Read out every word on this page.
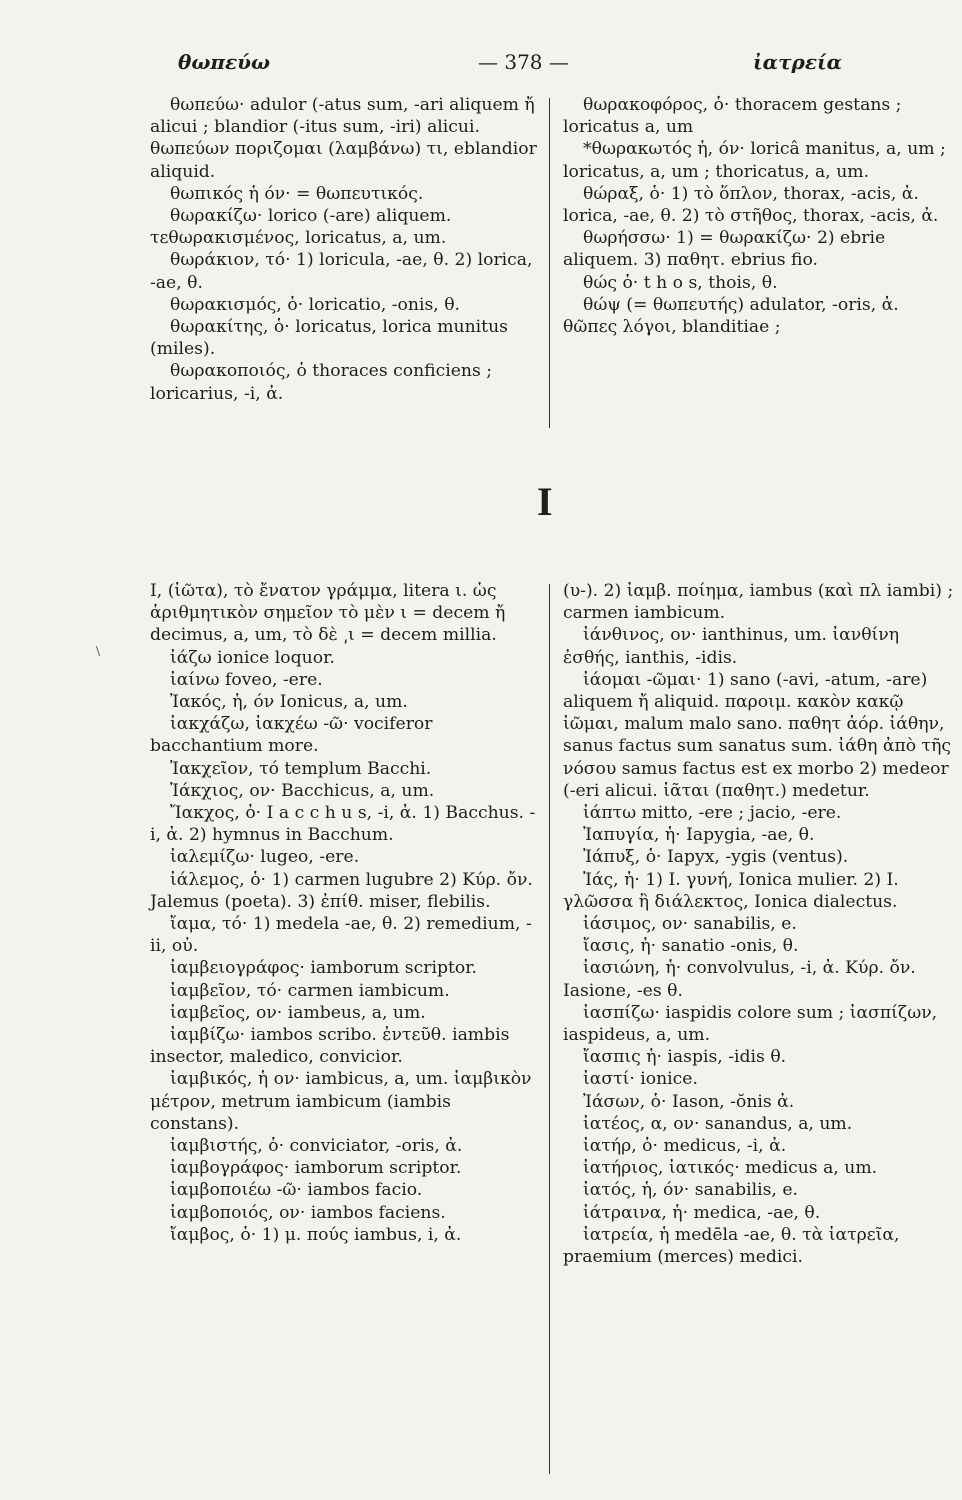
θωπεύω	— 378 —	ἰατρεία

θωπεύω· adulor (-atus sum, -ari aliquem ἤ alicui ; blandior (-itus sum, -iri) alicui. θωπεύων ποριζομαι (λαμβάνω) τι, eblandior aliquid.

θωπικός ἡ όν· = θωπευτικός.

θωρακίζω· lorico (-are) aliquem. τεθωρακισμένος, loricatus, a, um.

θωράκιον, τό· 1) loricula, -ae, θ. 2) lorica, -ae, θ.

θωρακισμός, ὁ· loricatio, -onis, θ.

θωρακίτης, ὁ· loricatus, lorica munitus (miles).

θωρακοποιός, ὁ thoraces conficiens ; loricarius, -i, ἀ.

θωρακοφόρος, ὁ· thoracem gestans ; loricatus a, um

*θωρακωτός ἡ, όν· loricâ manitus, a, um ; loricatus, a, um ; thoricatus, a, um.

θώραξ, ὁ· 1) τὸ ὅπλον, thorax, -acis, ἀ. lorica, -ae, θ. 2) τὸ στῆθος, thorax, -acis, ἀ.

θωρήσσω· 1) = θωρακίζω· 2) ebrie aliquem. 3) παθητ. ebrius fio.

θώς ὁ· t h o s, thois, θ.

θώψ (= θωπευτής) adulator, -oris, ἀ. θῶπες λόγοι, blanditiae ;

I
\

I, (ἰῶτα), τὸ ἔνατον γράμμα, litera ι. ὡς ἀριθμητικὸν σημεῖον τὸ μὲν ι = decem ἤ decimus, a, um, τὸ δὲ ͵ι = decem millia.

ἰάζω ionice loquor.

ἰαίνω foveo, -ere.

Ἰακός, ἡ, όν Ionicus, a, um.

ἰακχάζω, ἰακχέω -ῶ· vociferor bacchantium more.

Ἰακχεῖον, τό templum Bacchi.

Ἰάκχιος, ον· Bacchicus, a, um.

Ἴακχος, ὁ· I a c c h u s, -i, ἀ. 1) Bacchus. -i, ἀ. 2) hymnus in Bacchum.

ἰαλεμίζω· lugeo, -ere.

ἰάλεμος, ὁ· 1) carmen lugubre 2) Κύρ. ὄν. Jalemus (poeta). 3) ἐπίθ. miser, flebilis.

ἴαμα, τό· 1) medela -ae, θ. 2) remedium, -ii, οὐ.

ἰαμβειογράφος· iamborum scriptor.

ἰαμβεῖον, τό· carmen iambicum.

ἰαμβεῖος, ον· iambeus, a, um.

ἰαμβίζω· iambos scribo. ἐντεῦθ. iambis insector, maledico, convicior.

ἰαμβικός, ἡ ον· iambicus, a, um. ἰαμβικὸν μέτρον, metrum iambicum (iambis constans).

ἰαμβιστής, ὁ· conviciator, -oris, ἀ.

ἰαμβογράφος· iamborum scriptor.

ἰαμβοποιέω -ῶ· iambos facio.

ἰαμβοποιός, ον· iambos faciens.

ἴαμβος, ὁ· 1) μ. πούς iambus, i, ἀ.

(υ-). 2) ἰαμβ. ποίημα, iambus (καὶ πλ iambi) ; carmen iambicum.

ἰάνθινος, ον· ianthinus, um. ἰανθίνη ἐσθής, ianthis, -idis.

ἰάομαι -ῶμαι· 1) sano (-avi, -atum, -are) aliquem ἤ aliquid. παροιμ. κακὸν κακῷ ἰῶμαι, malum malo sano. παθητ ἀόρ. ἰάθην, sanus factus sum sanatus sum. ἰάθη ἀπὸ τῆς νόσου samus factus est ex morbo 2) medeor (-eri alicui. ἰᾶται (παθητ.) medetur.

ἰάπτω mitto, -ere ; jacio, -ere.

Ἰαπυγία, ἡ· Iapygia, -ae, θ.

Ἰάπυξ, ὁ· Iapyx, -ygis (ventus).

Ἰάς, ἡ· 1) I. γυνή, Ionica mulier. 2) I. γλῶσσα ἢ διάλεκτος, Ionica dialectus.

ἰάσιμος, ον· sanabilis, e.

ἴασις, ἡ· sanatio -onis, θ.

ἰασιώνη, ἡ· convolvulus, -i, ἀ. Κύρ. ὄν. Iasione, -es θ.

ἰασπίζω· iaspidis colore sum ; ἰασπίζων, iaspideus, a, um.

ἴασπις ἡ· iaspis, -idis θ.

ἰαστί· ionice.

Ἰάσων, ὁ· Iason, -ŏnis ἀ.

ἰατέος, α, ον· sanandus, a, um.

ἰατήρ, ὁ· medicus, -i, ἀ.

ἰατήριος, ἰατικός· medicus a, um.

ἰατός, ἡ, όν· sanabilis, e.

ἰάτραινα, ἡ· medica, -ae, θ.

ἰατρεία, ἡ medēla -ae, θ. τὰ ἰατρεῖα, praemium (merces) medici.
